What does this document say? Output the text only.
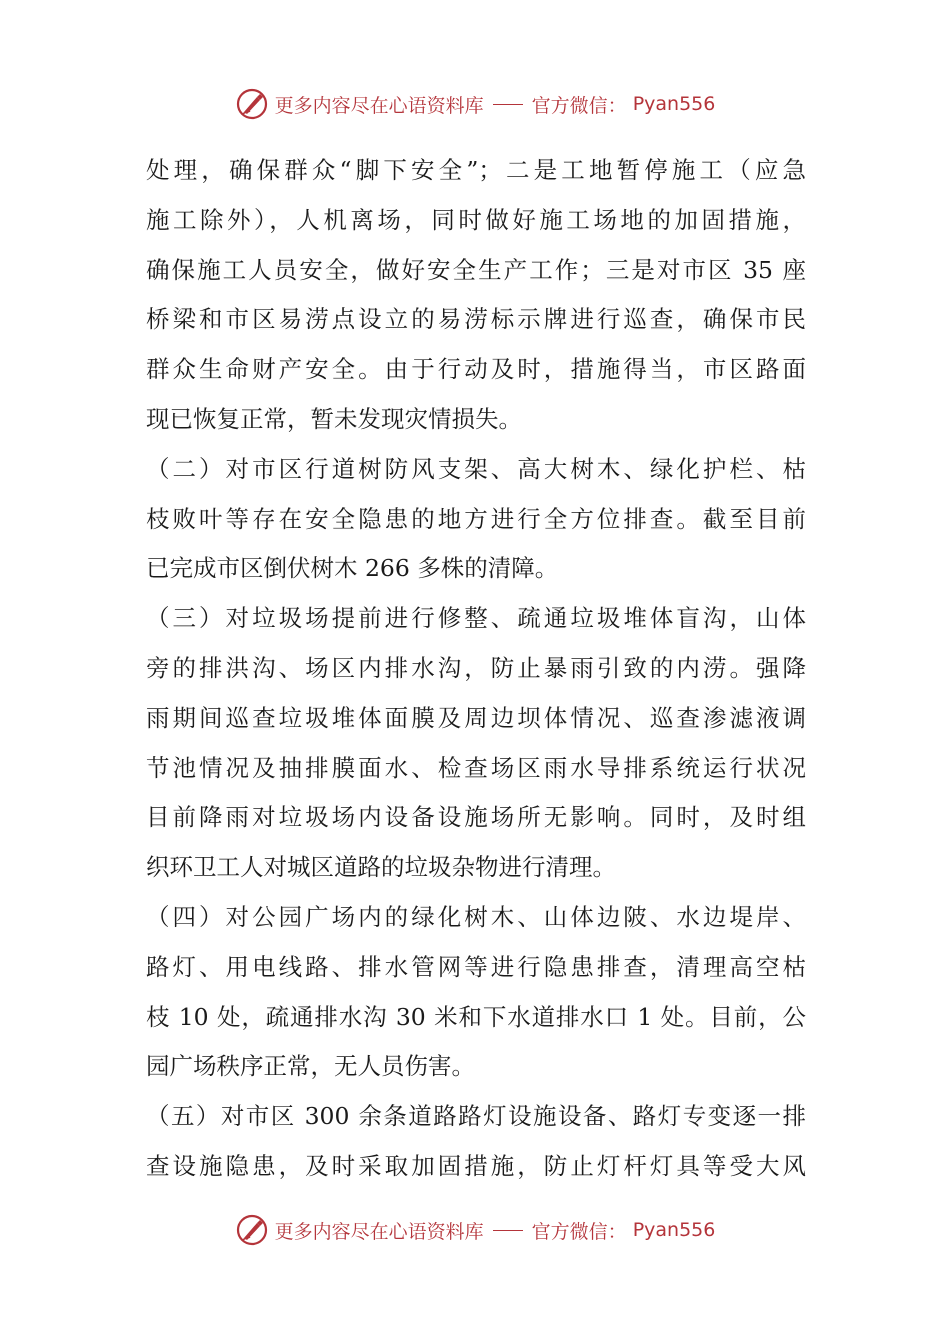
更多内容尽在心语资料库	官方微信： Pyan556
处理，确保群众“脚下安全”；二是工地暂停施工（应急
施工除外），人机离场，同时做好施工场地的加固措施，
确保施工人员安全，做好安全生产工作；三是对市区 35 座
桥梁和市区易涝点设立的易涝标示牌进行巡查，确保市民
群众生命财产安全。由于行动及时，措施得当，市区路面
现已恢复正常，暂未发现灾情损失。
（二）对市区行道树防风支架、高大树木、绿化护栏、枯
枝败叶等存在安全隐患的地方进行全方位排查。截至目前
已完成市区倒伏树木 266 多株的清障。
（三）对垃圾场提前进行修整、疏通垃圾堆体盲沟，山体
旁的排洪沟、场区内排水沟，防止暴雨引致的内涝。强降
雨期间巡查垃圾堆体面膜及周边坝体情况、巡查渗滤液调
节池情况及抽排膜面水、检查场区雨水导排系统运行状况
目前降雨对垃圾场内设备设施场所无影响。同时，及时组
织环卫工人对城区道路的垃圾杂物进行清理。
（四）对公园广场内的绿化树木、山体边陂、水边堤岸、
路灯、用电线路、排水管网等进行隐患排查，清理高空枯
枝 10 处，疏通排水沟 30 米和下水道排水口 1 处。目前，公
园广场秩序正常，无人员伤害。
（五）对市区 300 余条道路路灯设施设备、路灯专变逐一排
查设施隐患，及时采取加固措施，防止灯杆灯具等受大风
更多内容尽在心语资料库	官方微信： Pyan556
